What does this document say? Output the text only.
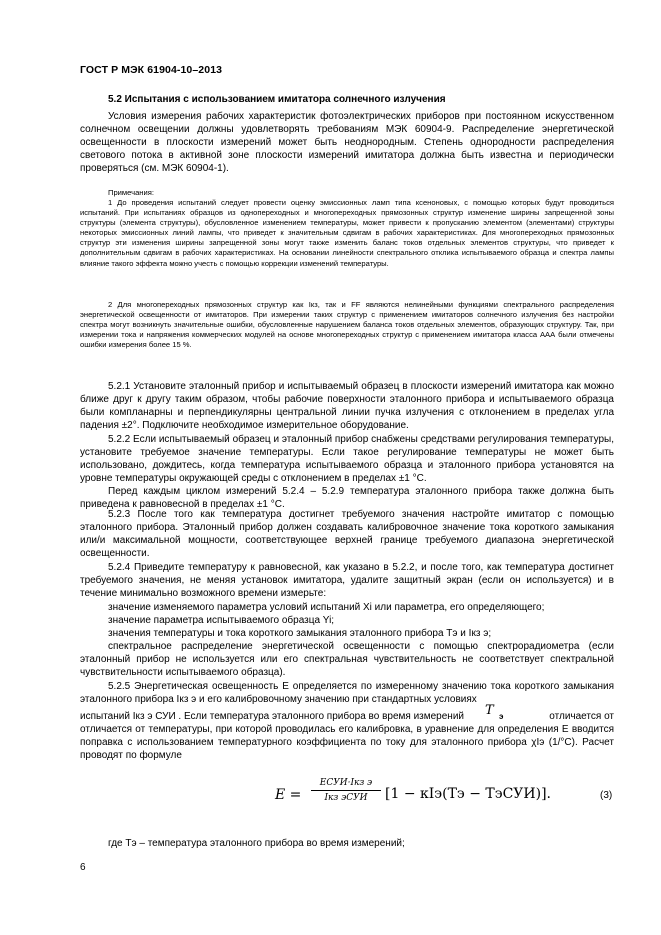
ГОСТ Р МЭК 61904-10–2013
5.2 Испытания с использованием имитатора солнечного излучения

Условия измерения рабочих характеристик фотоэлектрических приборов при постоянном искусственном солнечном освещении должны удовлетворять требованиям МЭК 60904-9. Распределение энергетической освещенности в плоскости измерений может быть неоднородным. Степень однородности распределения светового потока в активной зоне плоскости измерений имитатора должна быть известна и периодически проверяться (см. МЭК 60904-1).

Примечания:

1 До проведения испытаний следует провести оценку эмиссионных ламп типа ксеноновых, с помощью которых будут проводиться испытаний. При испытаниях образцов из однопереходных и многопереходных прямозонных структур изменение ширины запрещенной зоны структуры (элемента структуры), обусловленное изменением температуры, может привести к пропусканию элементом (элементами) структуры некоторых эмиссионных линий лампы, что приведет к значительным сдвигам в рабочих характеристиках. Для многопереходных прямозонных структур эти изменения ширины запрещенной зоны могут также изменить баланс токов отдельных элементов структуры, что приведет к дополнительным сдвигам в рабочих характеристиках. На основании линейности спектрального отклика испытываемого образца и спектра лампы влияние такого эффекта можно учесть с помощью коррекции изменений температуры.

2 Для многопереходных прямозонных структур как Iкз, так и FF являются нелинейными функциями спектрального распределения энергетической освещенности от имитаторов. При измерении таких структур с применением имитаторов солнечного излучения без настройки спектра могут возникнуть значительные ошибки, обусловленные нарушением баланса токов отдельных элементов, образующих структуру. Так, при измерении тока и напряжения коммерческих модулей на основе многопереходных структур с применением имитатора класса ААА были отмечены ошибки измерения более 15 %.

5.2.1 Установите эталонный прибор и испытываемый образец в плоскости измерений имитатора как можно ближе друг к другу таким образом, чтобы рабочие поверхности эталонного прибора и испытываемого образца были компланарны и перпендикулярны центральной линии пучка излучения с отклонением в пределах угла падения ±2°. Подключите необходимое измерительное оборудование.

5.2.2 Если испытываемый образец и эталонный прибор снабжены средствами регулирования температуры, установите требуемое значение температуры. Если такое регулирование температуры не может быть использовано, дождитесь, когда температура испытываемого образца и эталонного прибора установятся на уровне температуры окружающей среды с отклонением в пределах ±1 °С.

Перед каждым циклом измерений 5.2.4 – 5.2.9 температура эталонного прибора также должна быть приведена к равновесной в пределах ±1 °С.

5.2.3 После того как температура достигнет требуемого значения настройте имитатор с помощью эталонного прибора. Эталонный прибор должен создавать калибровочное значение тока короткого замыкания или/и максимальной мощности, соответствующее верхней границе требуемого диапазона энергетической освещенности.

5.2.4 Приведите температуру к равновесной, как указано в 5.2.2, и после того, как температура достигнет требуемого значения, не меняя установок имитатора, удалите защитный экран (если он используется) и в течение минимально возможного времени измерьте:

значение изменяемого параметра условий испытаний Xi или параметра, его определяющего;

значение параметра испытываемого образца Yi;

значения температуры и тока короткого замыкания эталонного прибора Tэ и Iкз э;

спектральное распределение энергетической освещенности с помощью спектрорадиометра (если эталонный прибор не используется или его спектральная чувствительность не соответствует спектральной чувствительности испытываемого образца).

5.2.5 Энергетическая освещенность E определяется по измеренному значению тока короткого замыкания эталонного прибора Iкз э и его калибровочному значению при стандартных условиях

испытаний Iкз э СУИ . Если температура эталонного прибора во время измерений	T э	отличается от

отличается от температуры, при которой проводилась его калибровка, в уравнение для определения E вводится поправка с использованием температурного коэффициента по току для эталонного прибора χIэ (1/°С). Расчет проводят по формуле

E =
EСУИ·Iкз э
Iкз эСУИ	[1 − κIэ(Tэ − TэСУИ)].	(3)
где Tэ – температура эталонного прибора во время измерений;
6
